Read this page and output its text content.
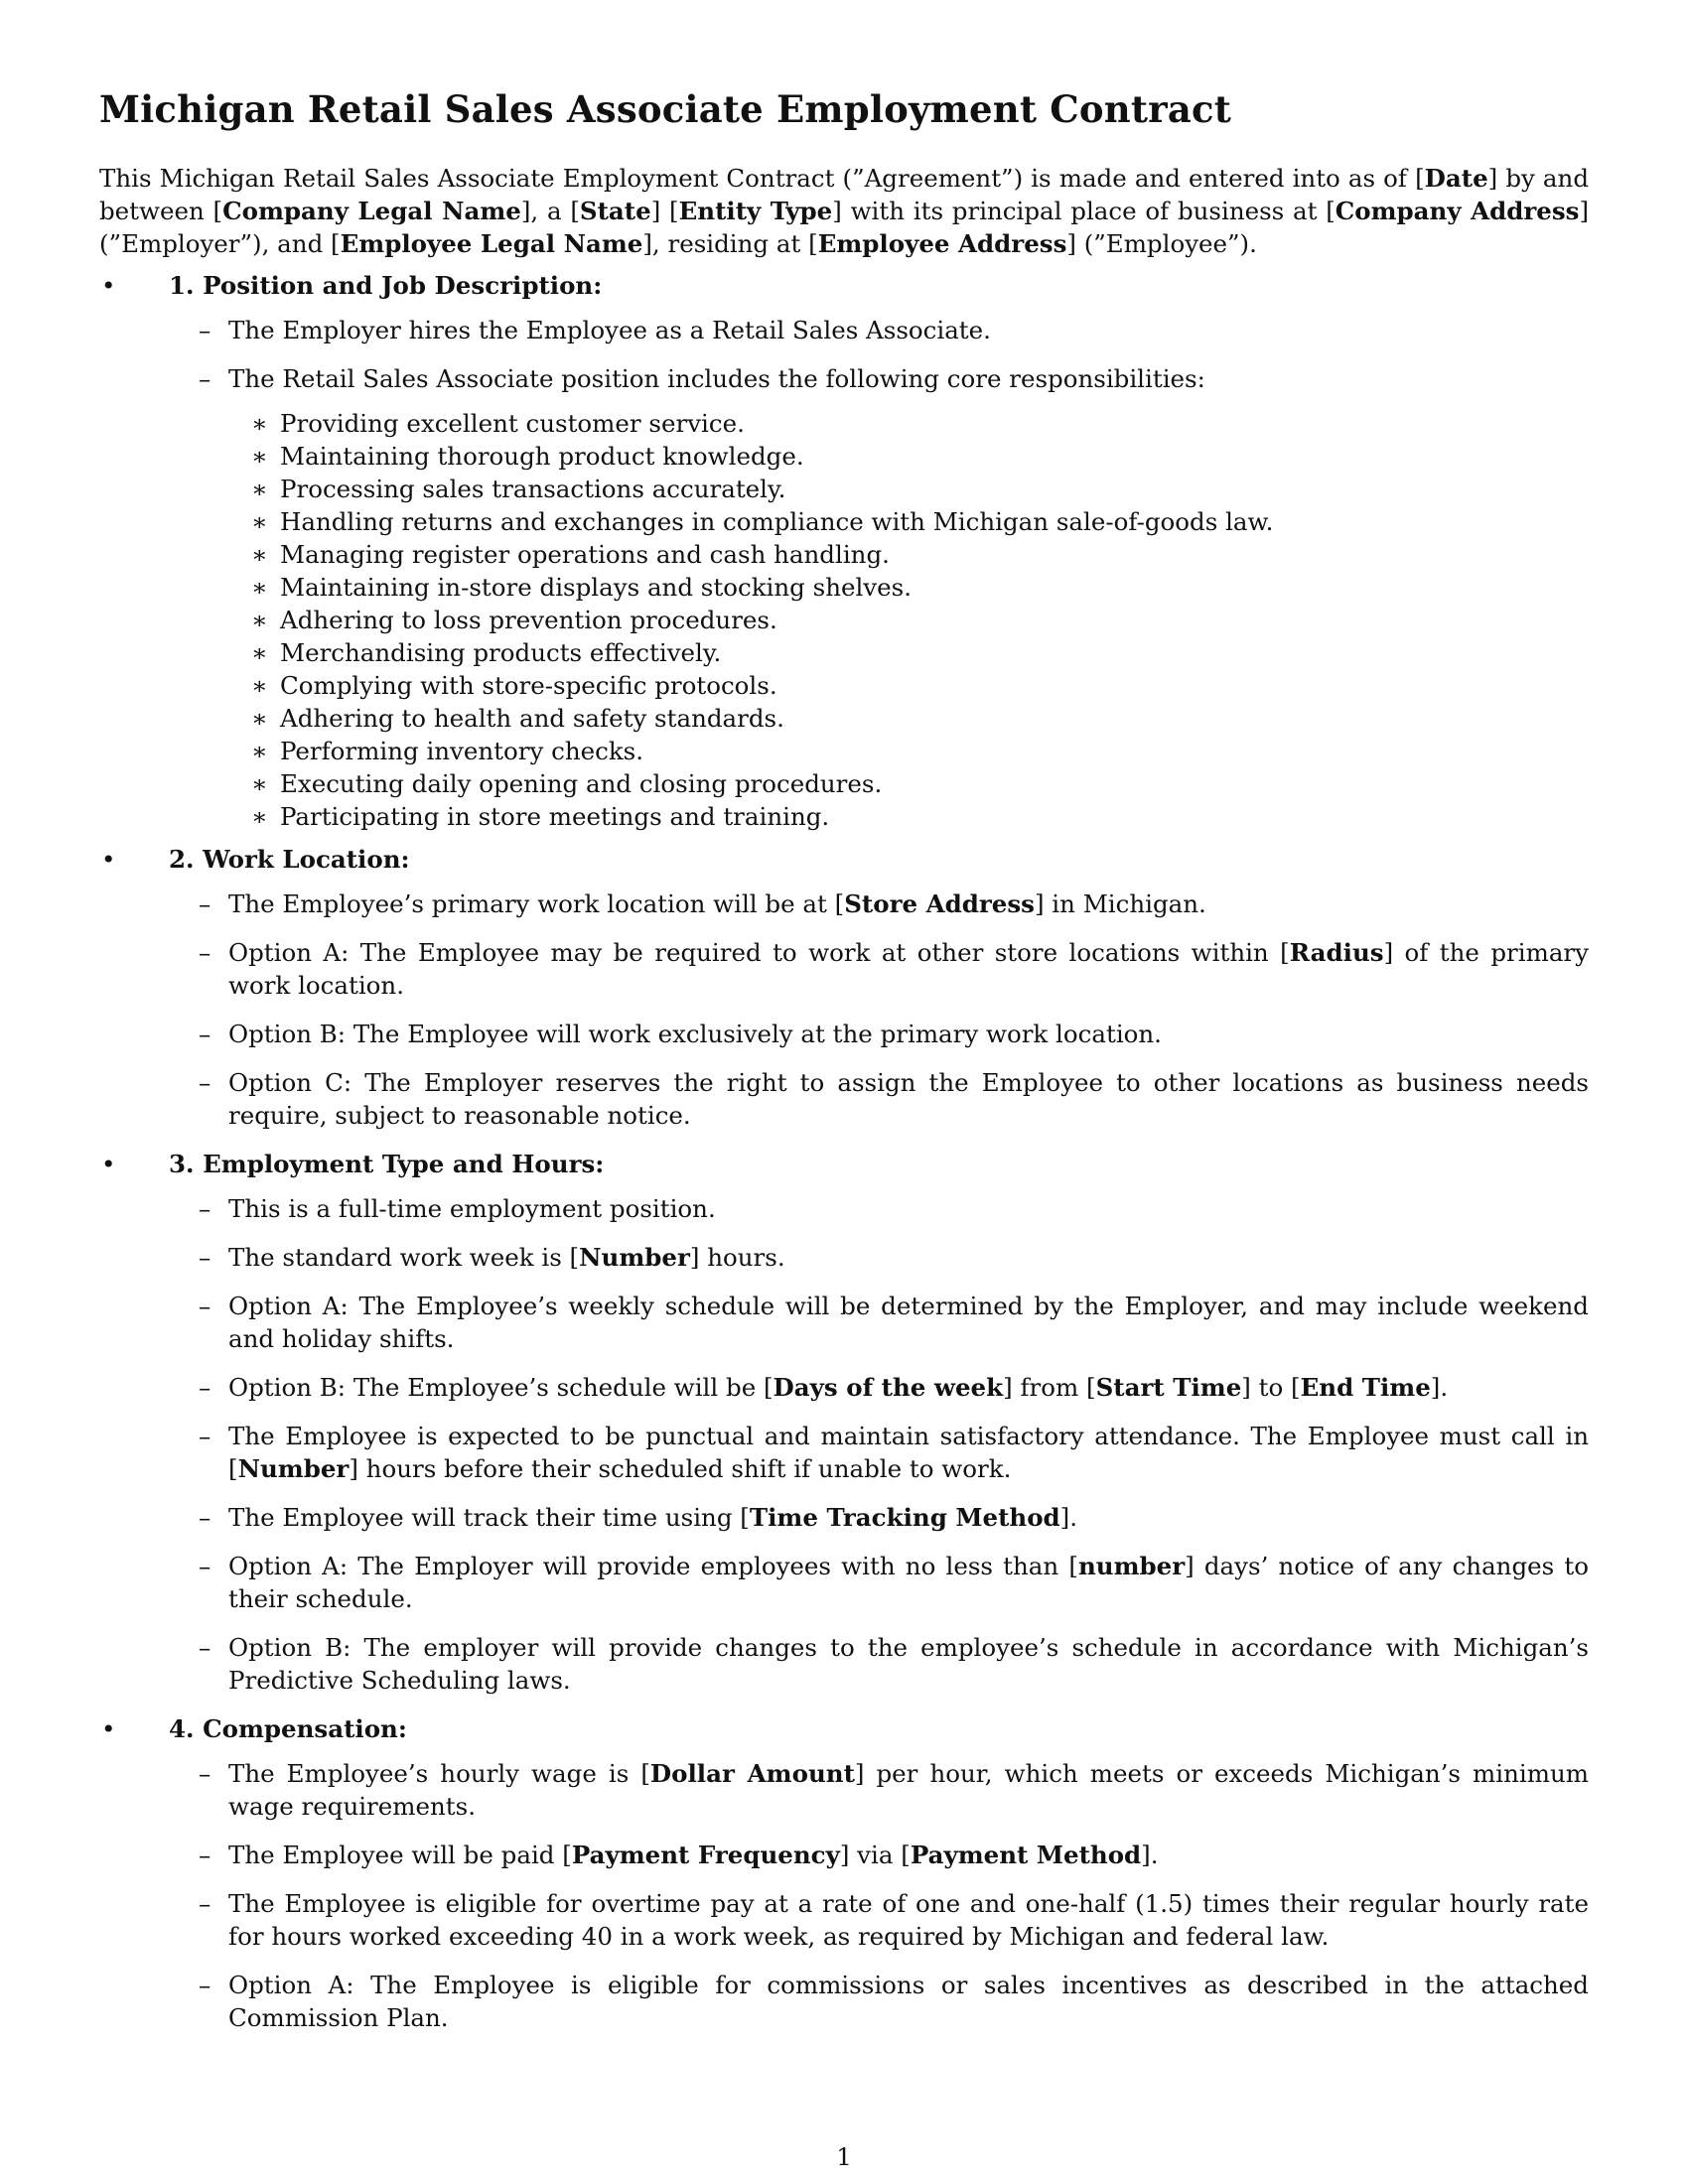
Michigan Retail Sales Associate Employment Contract

This Michigan Retail Sales Associate Employment Contract (”Agreement”) is made and entered into as of [Date] by and between [Company Legal Name], a [State] [Entity Type] with its principal place of business at [Company Address] (”Employer”), and [Employee Legal Name], residing at [Employee Address] (”Employee”).

• 1. Position and Job Description:
– The Employer hires the Employee as a Retail Sales Associate.
– The Retail Sales Associate position includes the following core responsibilities:
∗ Providing excellent customer service.
∗ Maintaining thorough product knowledge.
∗ Processing sales transactions accurately.
∗ Handling returns and exchanges in compliance with Michigan sale-of-goods law.
∗ Managing register operations and cash handling.
∗ Maintaining in-store displays and stocking shelves.
∗ Adhering to loss prevention procedures.
∗ Merchandising products effectively.
∗ Complying with store-specific protocols.
∗ Adhering to health and safety standards.
∗ Performing inventory checks.
∗ Executing daily opening and closing procedures.
∗ Participating in store meetings and training.
• 2. Work Location:
– The Employee’s primary work location will be at [Store Address] in Michigan.
– Option A: The Employee may be required to work at other store locations within [Radius] of the primary work location.
– Option B: The Employee will work exclusively at the primary work location.
– Option C: The Employer reserves the right to assign the Employee to other locations as business needs require, subject to reasonable notice.
• 3. Employment Type and Hours:
– This is a full-time employment position.
– The standard work week is [Number] hours.
– Option A: The Employee’s weekly schedule will be determined by the Employer, and may include weekend and holiday shifts.
– Option B: The Employee’s schedule will be [Days of the week] from [Start Time] to [End Time].
– The Employee is expected to be punctual and maintain satisfactory attendance. The Employee must call in [Number] hours before their scheduled shift if unable to work.
– The Employee will track their time using [Time Tracking Method].
– Option A: The Employer will provide employees with no less than [number] days’ notice of any changes to their schedule.
– Option B: The employer will provide changes to the employee’s schedule in accordance with Michigan’s Predictive Scheduling laws.
• 4. Compensation:
– The Employee’s hourly wage is [Dollar Amount] per hour, which meets or exceeds Michigan’s minimum wage requirements.
– The Employee will be paid [Payment Frequency] via [Payment Method].
– The Employee is eligible for overtime pay at a rate of one and one-half (1.5) times their regular hourly rate for hours worked exceeding 40 in a work week, as required by Michigan and federal law.
– Option A: The Employee is eligible for commissions or sales incentives as described in the attached Commission Plan.
1
